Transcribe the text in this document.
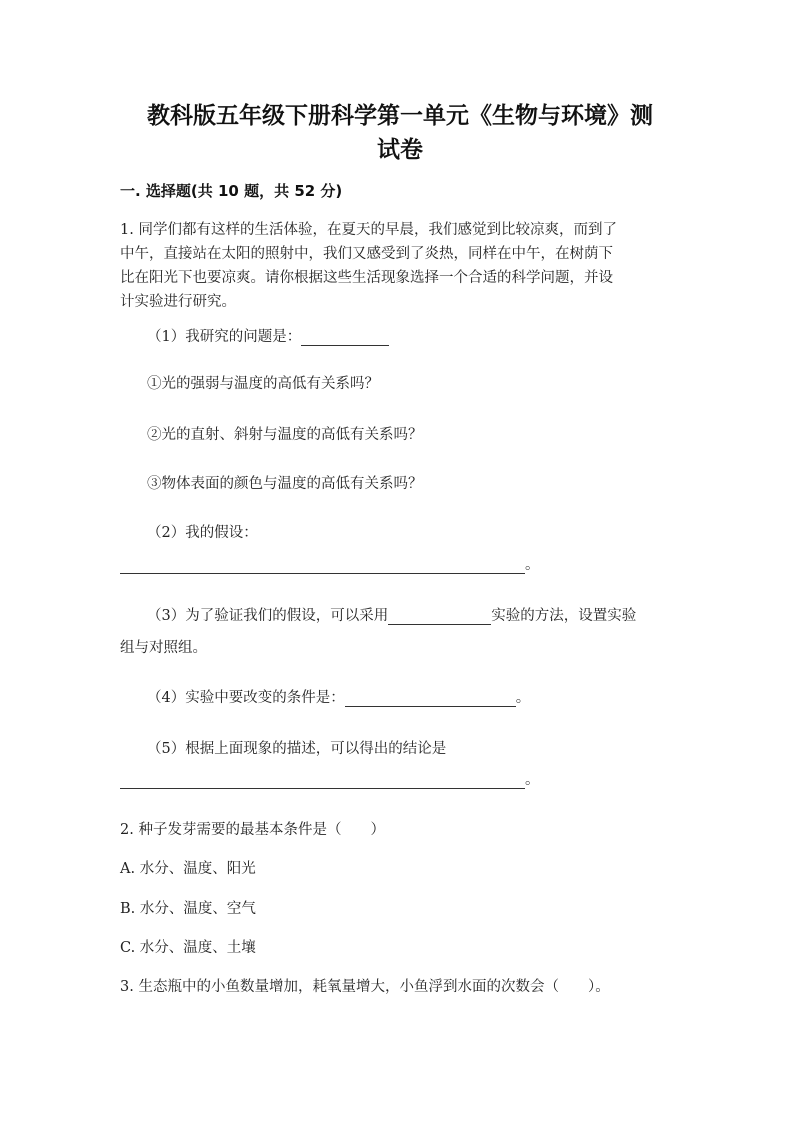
教科版五年级下册科学第一单元《生物与环境》测
试卷
一. 选择题(共 10 题，共 52 分)
1. 同学们都有这样的生活体验，在夏天的早晨，我们感觉到比较凉爽，而到了
中午，直接站在太阳的照射中，我们又感受到了炎热，同样在中午，在树荫下
比在阳光下也要凉爽。请你根据这些生活现象选择一个合适的科学问题，并设
计实验进行研究。
（1）我研究的问题是：
①光的强弱与温度的高低有关系吗？
②光的直射、斜射与温度的高低有关系吗？
③物体表面的颜色与温度的高低有关系吗？
（2）我的假设：
。
（3）为了验证我们的假设，可以采用	实验的方法，设置实验
组与对照组。
（4）实验中要改变的条件是：	。
（5）根据上面现象的描述，可以得出的结论是
。
2. 种子发芽需要的最基本条件是（　　）
A. 水分、温度、阳光
B. 水分、温度、空气
C. 水分、温度、土壤
3. 生态瓶中的小鱼数量增加，耗氧量增大，小鱼浮到水面的次数会（　　）。
